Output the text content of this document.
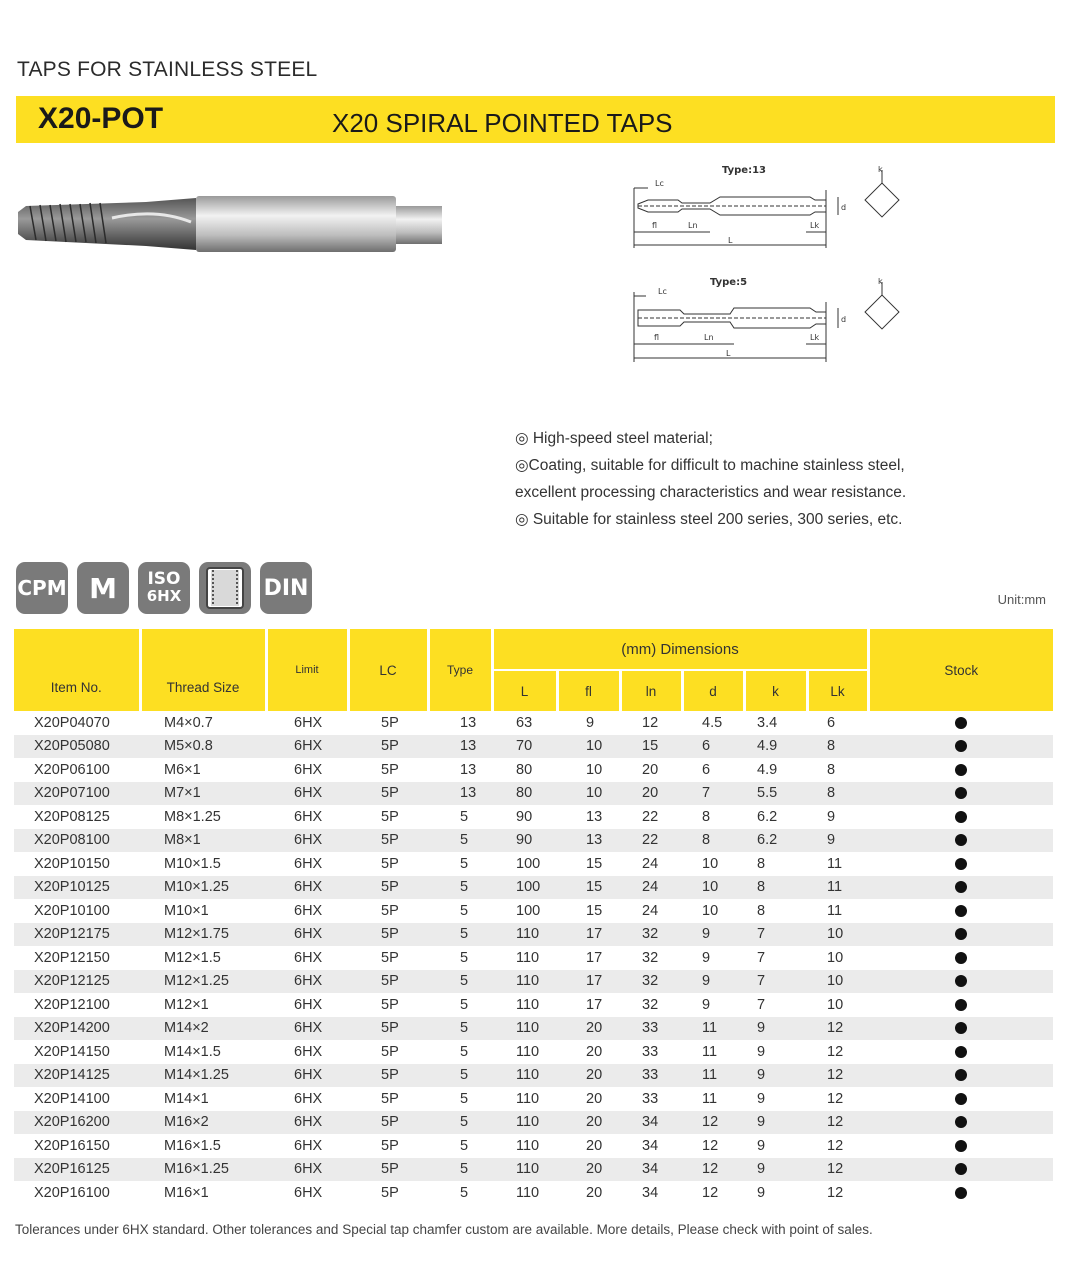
TAPS FOR STAINLESS STEEL
X20-POT	X20 SPIRAL POINTED TAPS
Type:13
Lc
fl	Ln
L
Lk
d
k
Type:5
Lc
fl	Ln
L
Lk
d
k
◎ High-speed steel material;
◎Coating, suitable for difficult to machine stainless steel,
excellent processing characteristics and wear resistance.
◎ Suitable for stainless steel 200 series, 300 series, etc.
CPM M	ISO
6HX	DIN	Unit:mm
Item No.	Thread Size	Limit	LC	Type	(mm) Dimensions						Stock
					L	fl	ln	d	k	Lk	
X20P04070	M4×0.7	6HX	5P	13	63	9	12	4.5	3.4	6	
X20P05080	M5×0.8	6HX	5P	13	70	10	15	6	4.9	8	
X20P06100	M6×1	6HX	5P	13	80	10	20	6	4.9	8	
X20P07100	M7×1	6HX	5P	13	80	10	20	7	5.5	8	
X20P08125	M8×1.25	6HX	5P	5	90	13	22	8	6.2	9	
X20P08100	M8×1	6HX	5P	5	90	13	22	8	6.2	9	
X20P10150	M10×1.5	6HX	5P	5	100	15	24	10	8	11	
X20P10125	M10×1.25	6HX	5P	5	100	15	24	10	8	11	
X20P10100	M10×1	6HX	5P	5	100	15	24	10	8	11	
X20P12175	M12×1.75	6HX	5P	5	110	17	32	9	7	10	
X20P12150	M12×1.5	6HX	5P	5	110	17	32	9	7	10	
X20P12125	M12×1.25	6HX	5P	5	110	17	32	9	7	10	
X20P12100	M12×1	6HX	5P	5	110	17	32	9	7	10	
X20P14200	M14×2	6HX	5P	5	110	20	33	11	9	12	
X20P14150	M14×1.5	6HX	5P	5	110	20	33	11	9	12	
X20P14125	M14×1.25	6HX	5P	5	110	20	33	11	9	12	
X20P14100	M14×1	6HX	5P	5	110	20	33	11	9	12	
X20P16200	M16×2	6HX	5P	5	110	20	34	12	9	12	
X20P16150	M16×1.5	6HX	5P	5	110	20	34	12	9	12	
X20P16125	M16×1.25	6HX	5P	5	110	20	34	12	9	12	
X20P16100	M16×1	6HX	5P	5	110	20	34	12	9	12	
Tolerances under 6HX standard. Other tolerances and Special tap chamfer custom are available. More details, Please check with point of sales.
